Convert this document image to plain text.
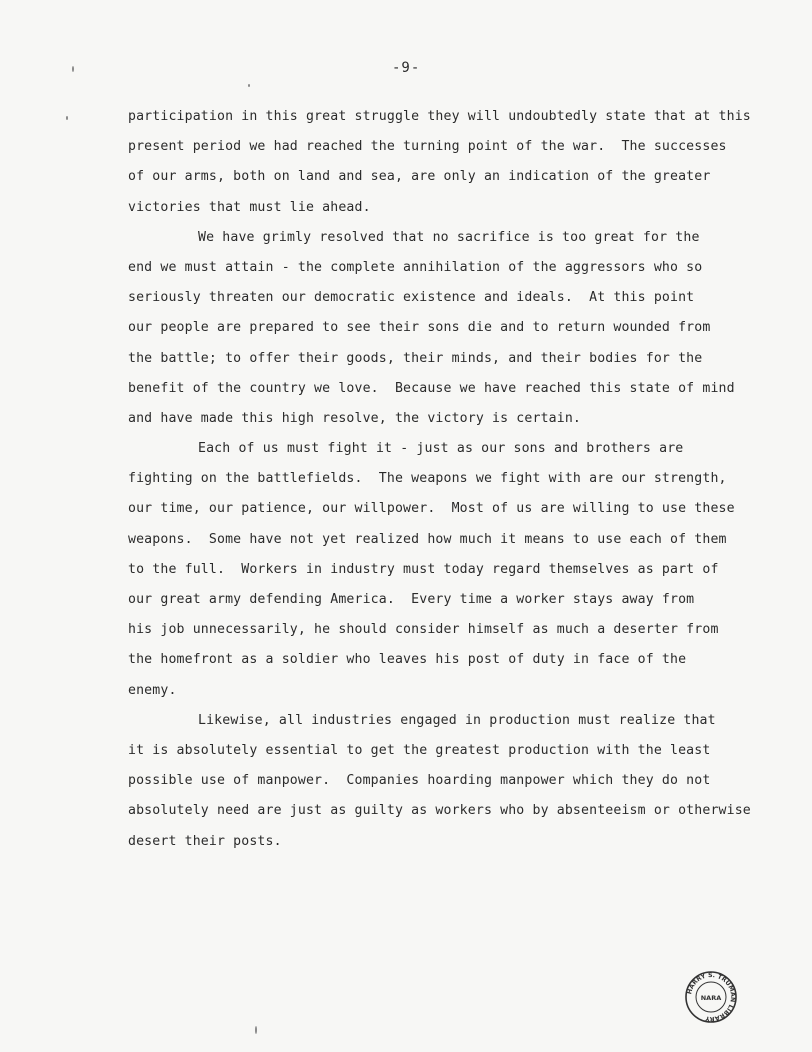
-9-
participation in this great struggle they will undoubtedly state that at this
present period we had reached the turning point of the war.  The successes
of our arms, both on land and sea, are only an indication of the greater
victories that must lie ahead.
We have grimly resolved that no sacrifice is too great for the
end we must attain - the complete annihilation of the aggressors who so
seriously threaten our democratic existence and ideals.  At this point
our people are prepared to see their sons die and to return wounded from
the battle; to offer their goods, their minds, and their bodies for the
benefit of the country we love.  Because we have reached this state of mind
and have made this high resolve, the victory is certain.
Each of us must fight it - just as our sons and brothers are
fighting on the battlefields.  The weapons we fight with are our strength,
our time, our patience, our willpower.  Most of us are willing to use these
weapons.  Some have not yet realized how much it means to use each of them
to the full.  Workers in industry must today regard themselves as part of
our great army defending America.  Every time a worker stays away from
his job unnecessarily, he should consider himself as much a deserter from
the homefront as a soldier who leaves his post of duty in face of the
enemy.
Likewise, all industries engaged in production must realize that
it is absolutely essential to get the greatest production with the least
possible use of manpower.  Companies hoarding manpower which they do not
absolutely need are just as guilty as workers who by absenteeism or otherwise
desert their posts.
HARRY S. TRUMAN LIBRARY
NARA
